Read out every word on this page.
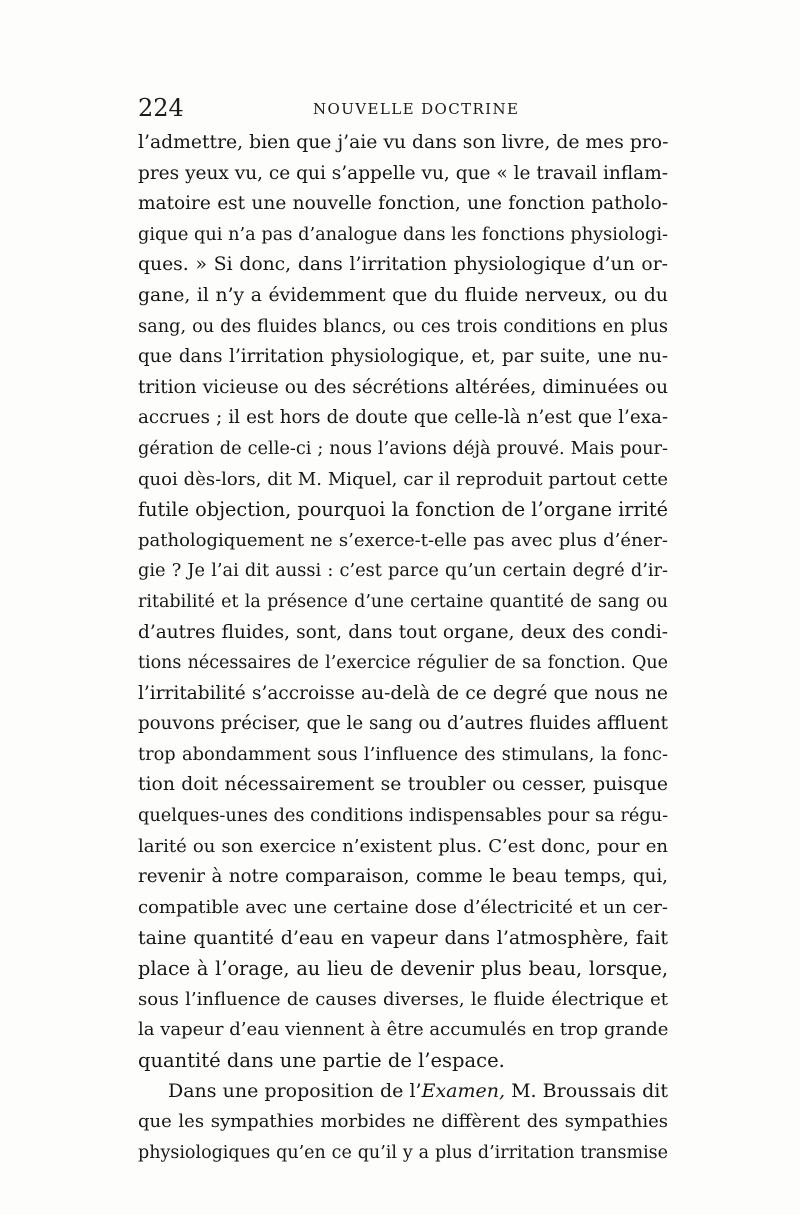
224	NOUVELLE DOCTRINE
l’admettre, bien que j’aie vu dans son livre, de mes pro-
pres yeux vu, ce qui s’appelle vu, que « le travail inflam-
matoire est une nouvelle fonction, une fonction patholo-
gique qui n’a pas d’analogue dans les fonctions physiologi-
ques. » Si donc, dans l’irritation physiologique d’un or-
gane, il n’y a évidemment que du fluide nerveux, ou du
sang, ou des fluides blancs, ou ces trois conditions en plus
que dans l’irritation physiologique, et, par suite, une nu-
trition vicieuse ou des sécrétions altérées, diminuées ou
accrues ; il est hors de doute que celle-là n’est que l’exa-
gération de celle-ci ; nous l’avions déjà prouvé. Mais pour-
quoi dès-lors, dit M. Miquel, car il reproduit partout cette
futile objection, pourquoi la fonction de l’organe irrité
pathologiquement ne s’exerce-t-elle pas avec plus d’éner-
gie ? Je l’ai dit aussi : c’est parce qu’un certain degré d’ir-
ritabilité et la présence d’une certaine quantité de sang ou
d’autres fluides, sont, dans tout organe, deux des condi-
tions nécessaires de l’exercice régulier de sa fonction. Que
l’irritabilité s’accroisse au-delà de ce degré que nous ne
pouvons préciser, que le sang ou d’autres fluides affluent
trop abondamment sous l’influence des stimulans, la fonc-
tion doit nécessairement se troubler ou cesser, puisque
quelques-unes des conditions indispensables pour sa régu-
larité ou son exercice n’existent plus. C’est donc, pour en
revenir à notre comparaison, comme le beau temps, qui,
compatible avec une certaine dose d’électricité et un cer-
taine quantité d’eau en vapeur dans l’atmosphère, fait
place à l’orage, au lieu de devenir plus beau, lorsque,
sous l’influence de causes diverses, le fluide électrique et
la vapeur d’eau viennent à être accumulés en trop grande
quantité dans une partie de l’espace.
Dans une proposition de l’Examen, M. Broussais dit
que les sympathies morbides ne diffèrent des sympathies
physiologiques qu’en ce qu’il y a plus d’irritation transmise
